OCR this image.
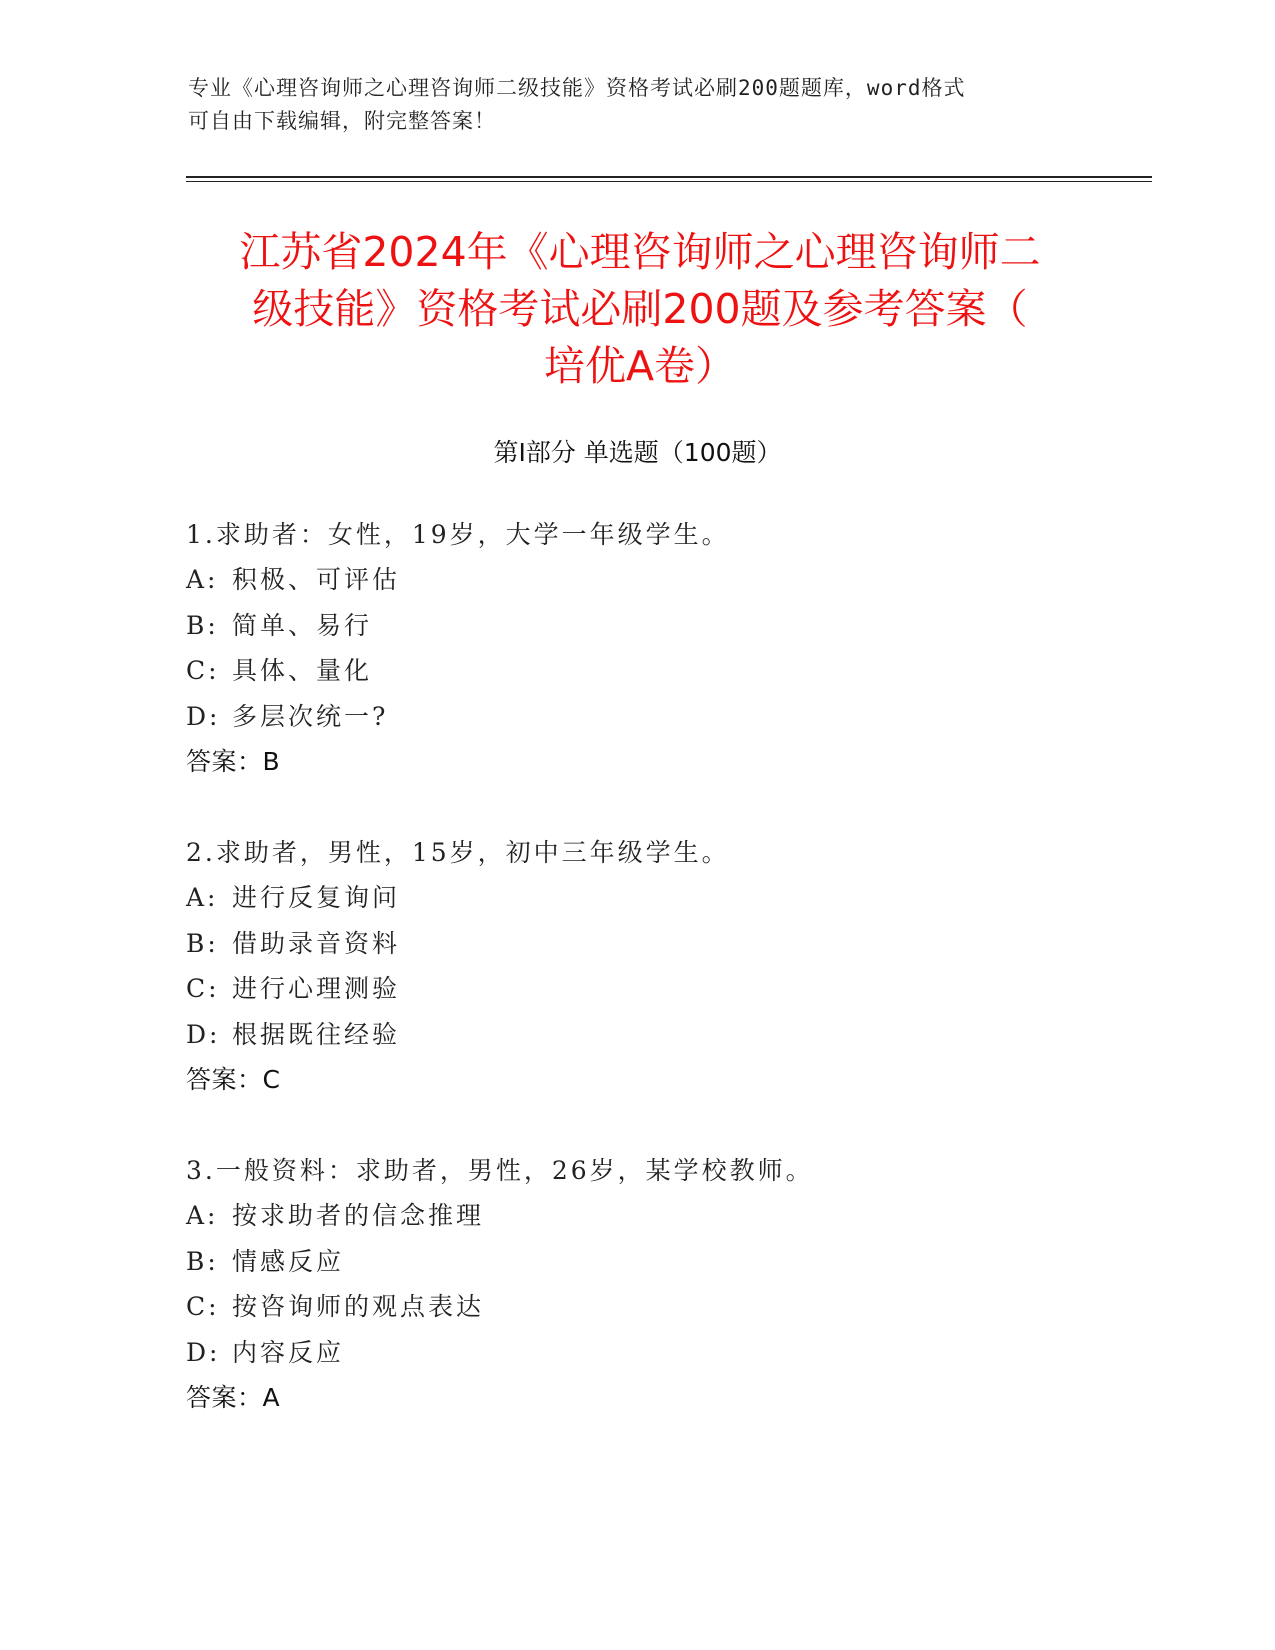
专业《心理咨询师之心理咨询师二级技能》资格考试必刷200题题库，word格式
可自由下载编辑，附完整答案！
江苏省2024年《心理咨询师之心理咨询师二
级技能》资格考试必刷200题及参考答案（
培优A卷）
第Ⅰ部分 单选题（100题）
1.求助者：女性，19岁，大学一年级学生。
A: 积极、可评估
B: 简单、易行
C: 具体、量化
D: 多层次统一?
答案：B
2.求助者，男性，15岁，初中三年级学生。
A: 进行反复询问
B: 借助录音资料
C: 进行心理测验
D: 根据既往经验
答案：C
3.一般资料：求助者，男性，26岁，某学校教师。
A: 按求助者的信念推理
B: 情感反应
C: 按咨询师的观点表达
D: 内容反应
答案：A
